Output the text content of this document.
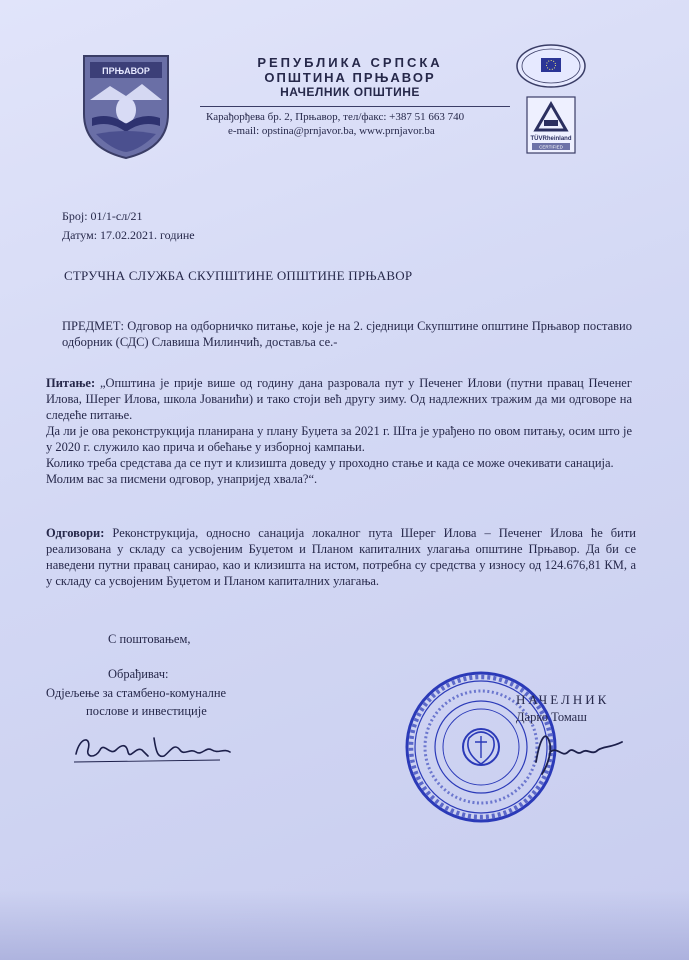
ПРЊАВОР
РЕПУБЛИКА СРПСКА
ОПШТИНА ПРЊАВОР
НАЧЕЛНИК ОПШТИНЕ
Карађорђева бр. 2, Прњавор, тел/факс: +387 51 663 740
e-mail: opstina@prnjavor.ba, www.prnjavor.ba
TÜVRheinland
CERTIFIED
Број: 01/1-сл/21
Датум: 17.02.2021. године
СТРУЧНА СЛУЖБА СКУПШТИНЕ ОПШТИНЕ ПРЊАВОР
ПРЕДМЕТ: Одговор на одборничко питање, које је на 2. сједници Скупштине општине Прњавор поставио одборник (СДС) Славиша Милинчић, доставља се.-
Питање: „Општина је прије више од годину дана разровала пут у Печенег Илови (путни правац Печенег Илова, Шерег Илова, школа Јованићи) и тако стоји већ другу зиму. Од надлежних тражим да ми одговоре на следеће питање.
Да ли је ова реконструкција планирана у плану Буџета за 2021 г. Шта је урађено по овом питању, осим што је у 2020 г. служило као прича и обећање у изборној кампањи.
Колико треба средстава да се пут и клизишта доведу у проходно стање и када се може очекивати санација.
Молим вас за писмени одговор, унапријед хвала?“.
Одговори: Реконструкција, односно санација локалног пута Шерег Илова – Печенег Илова ће бити реализована у складу са усвојеним Буџетом и Планом капиталних улагања општине Прњавор. Да би се наведени путни правац санирао, као и клизишта на истом, потребна су средства у износу од 124.676,81 КМ, а у складу са усвојеним Буџетом и Планом капиталних улагања.
С поштовањем,
Обрађивач:
Одјељење за стамбено-комуналне
послове и инвестиције
НАЧЕЛНИК
Дарко Томаш
